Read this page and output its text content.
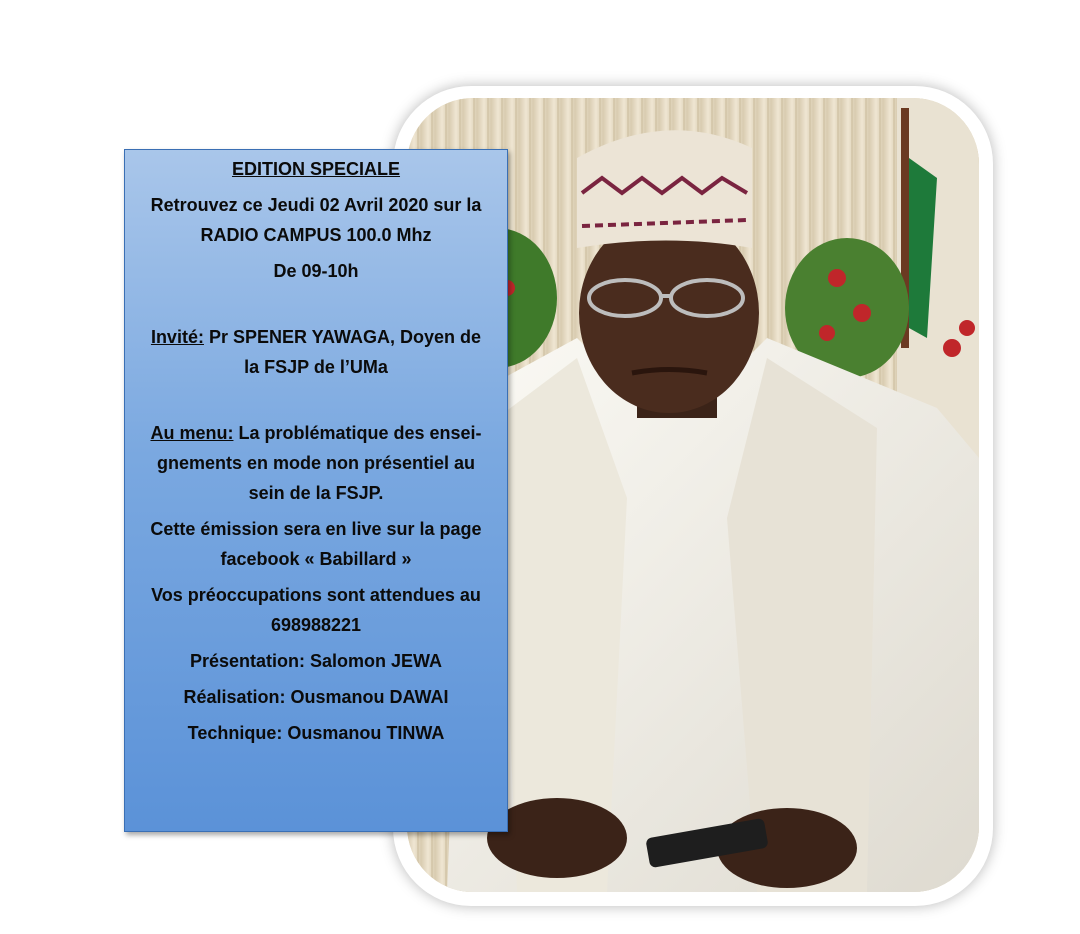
EDITION SPECIALE

Retrouvez ce Jeudi 02 Avril 2020 sur la

RADIO CAMPUS 100.0 Mhz

De 09-10h

Invité: Pr SPENER YAWAGA, Doyen de

la FSJP de l’UMa

Au menu: La problématique des ensei-

gnements en mode non présentiel au

sein de la FSJP.

Cette émission sera en live sur la page

facebook « Babillard »

Vos préoccupations sont attendues au

698988221

Présentation: Salomon JEWA

Réalisation: Ousmanou DAWAI

Technique: Ousmanou TINWA
